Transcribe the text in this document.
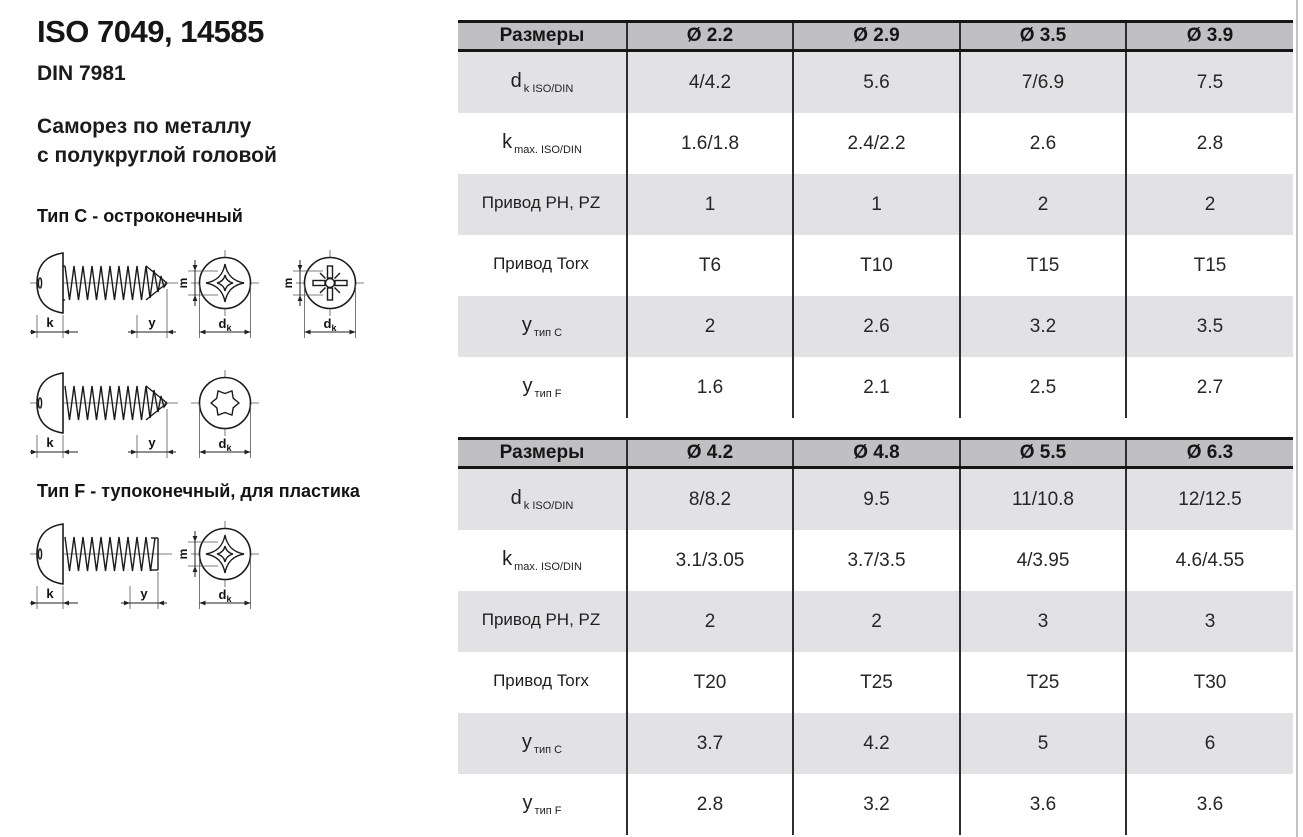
ISO 7049, 14585
DIN 7981
Саморез по металлу
с полукруглой головой
Тип C - остроконечный
Тип F - тупоконечный, для пластика
k	y
m
$d_k$
m
$d_k$
k	y	$d_k$
k	y
m
$d_k$
Размеры	Ø 2.2	Ø 2.9	Ø 3.5	Ø 3.9
d $_{k ISO/DIN}$	4/4.2	5.6	7/6.9	7.5
k $_{max. ISO/DIN}$	1.6/1.8	2.4/2.2	2.6	2.8
Привод PH, PZ	1	1	2	2
Привод Torx	T6	T10	T15	T15
у $_{тип C}$	2	2.6	3.2	3.5
у $_{тип F}$	1.6	2.1	2.5	2.7
Размеры	Ø 4.2	Ø 4.8	Ø 5.5	Ø 6.3
d $_{k ISO/DIN}$	8/8.2	9.5	11/10.8	12/12.5
k $_{max. ISO/DIN}$	3.1/3.05	3.7/3.5	4/3.95	4.6/4.55
Привод PH, PZ	2	2	3	3
Привод Torx	T20	T25	T25	T30
у $_{тип C}$	3.7	4.2	5	6
у $_{тип F}$	2.8	3.2	3.6	3.6
